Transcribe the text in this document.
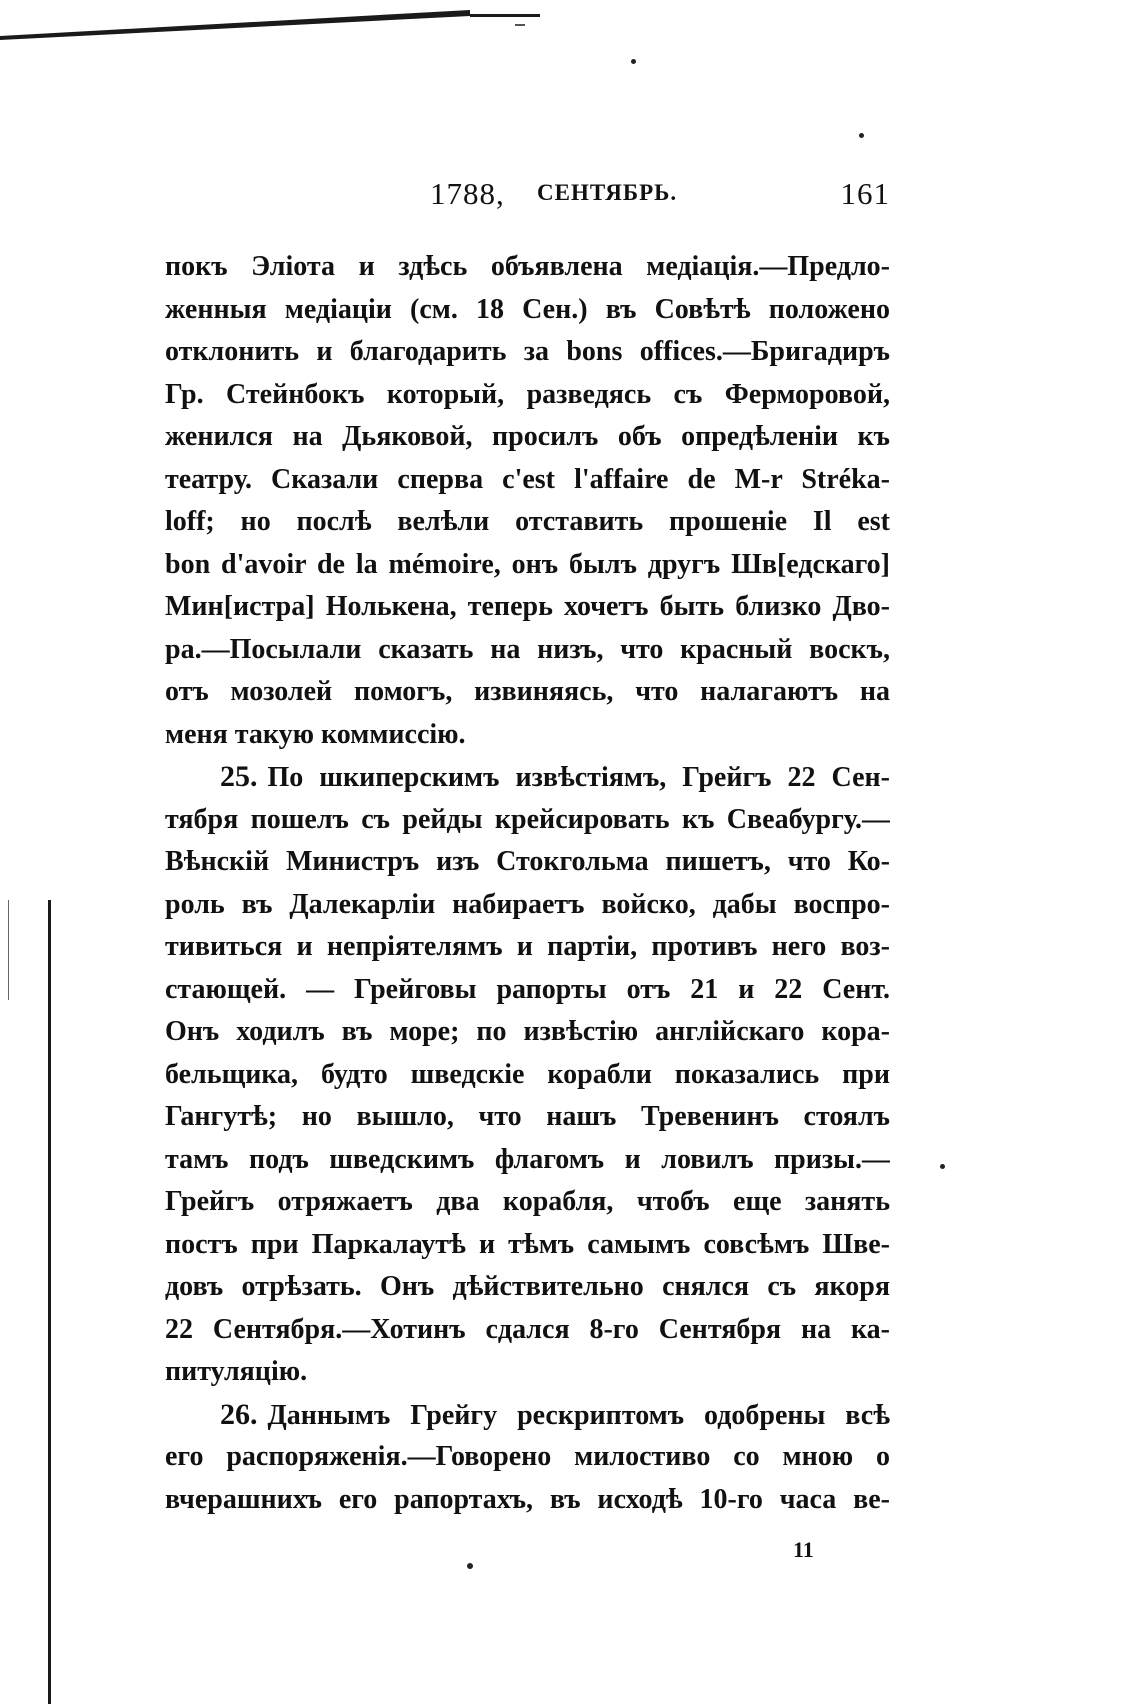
1788, СЕНТЯБРЬ.	161
покъ Эліота и здѣсь объявлена медіація.—Предло-
женныя медіаціи (см. 18 Сен.) въ Совѣтѣ положено
отклонить и благодарить за bons offices.—Бригадиръ
Гр. Стейнбокъ который, разведясь съ Ферморовой,
женился на Дьяковой, просилъ объ опредѣленіи къ
театру. Сказали сперва c'est l'affaire de M-r Stréka-
loff; но послѣ велѣли отставить прошеніе Il est
bon d'avoir de la mémoire, онъ былъ другъ Шв[едскаго]
Мин[истра] Нолькена, теперь хочетъ быть близко Дво-
ра.—Посылали сказать на низъ, что красный воскъ,
отъ мозолей помогъ, извиняясь, что налагаютъ на
меня такую коммиссію.
25. По шкиперскимъ извѣстіямъ, Грейгъ 22 Сен-
тября пошелъ съ рейды крейсировать къ Свеабургу.—
Вѣнскій Министръ изъ Стокгольма пишетъ, что Ко-
роль въ Далекарліи набираетъ войско, дабы воспро-
тивиться и непріятелямъ и партіи, противъ него воз-
стающей. — Грейговы рапорты отъ 21 и 22 Сент.
Онъ ходилъ въ море; по извѣстію англійскаго кора-
бельщика, будто шведскіе корабли показались при
Гангутѣ; но вышло, что нашъ Тревенинъ стоялъ
тамъ подъ шведскимъ флагомъ и ловилъ призы.—
Грейгъ отряжаетъ два корабля, чтобъ еще занять
постъ при Паркалаутѣ и тѣмъ самымъ совсѣмъ Шве-
довъ отрѣзать. Онъ дѣйствительно снялся съ якоря
22 Сентября.—Хотинъ сдался 8-го Сентября на ка-
питуляцію.
26. Даннымъ Грейгу рескриптомъ одобрены всѣ
его распоряженія.—Говорено милостиво со мною о
вчерашнихъ его рапортахъ, въ исходѣ 10-го часа ве-
11
